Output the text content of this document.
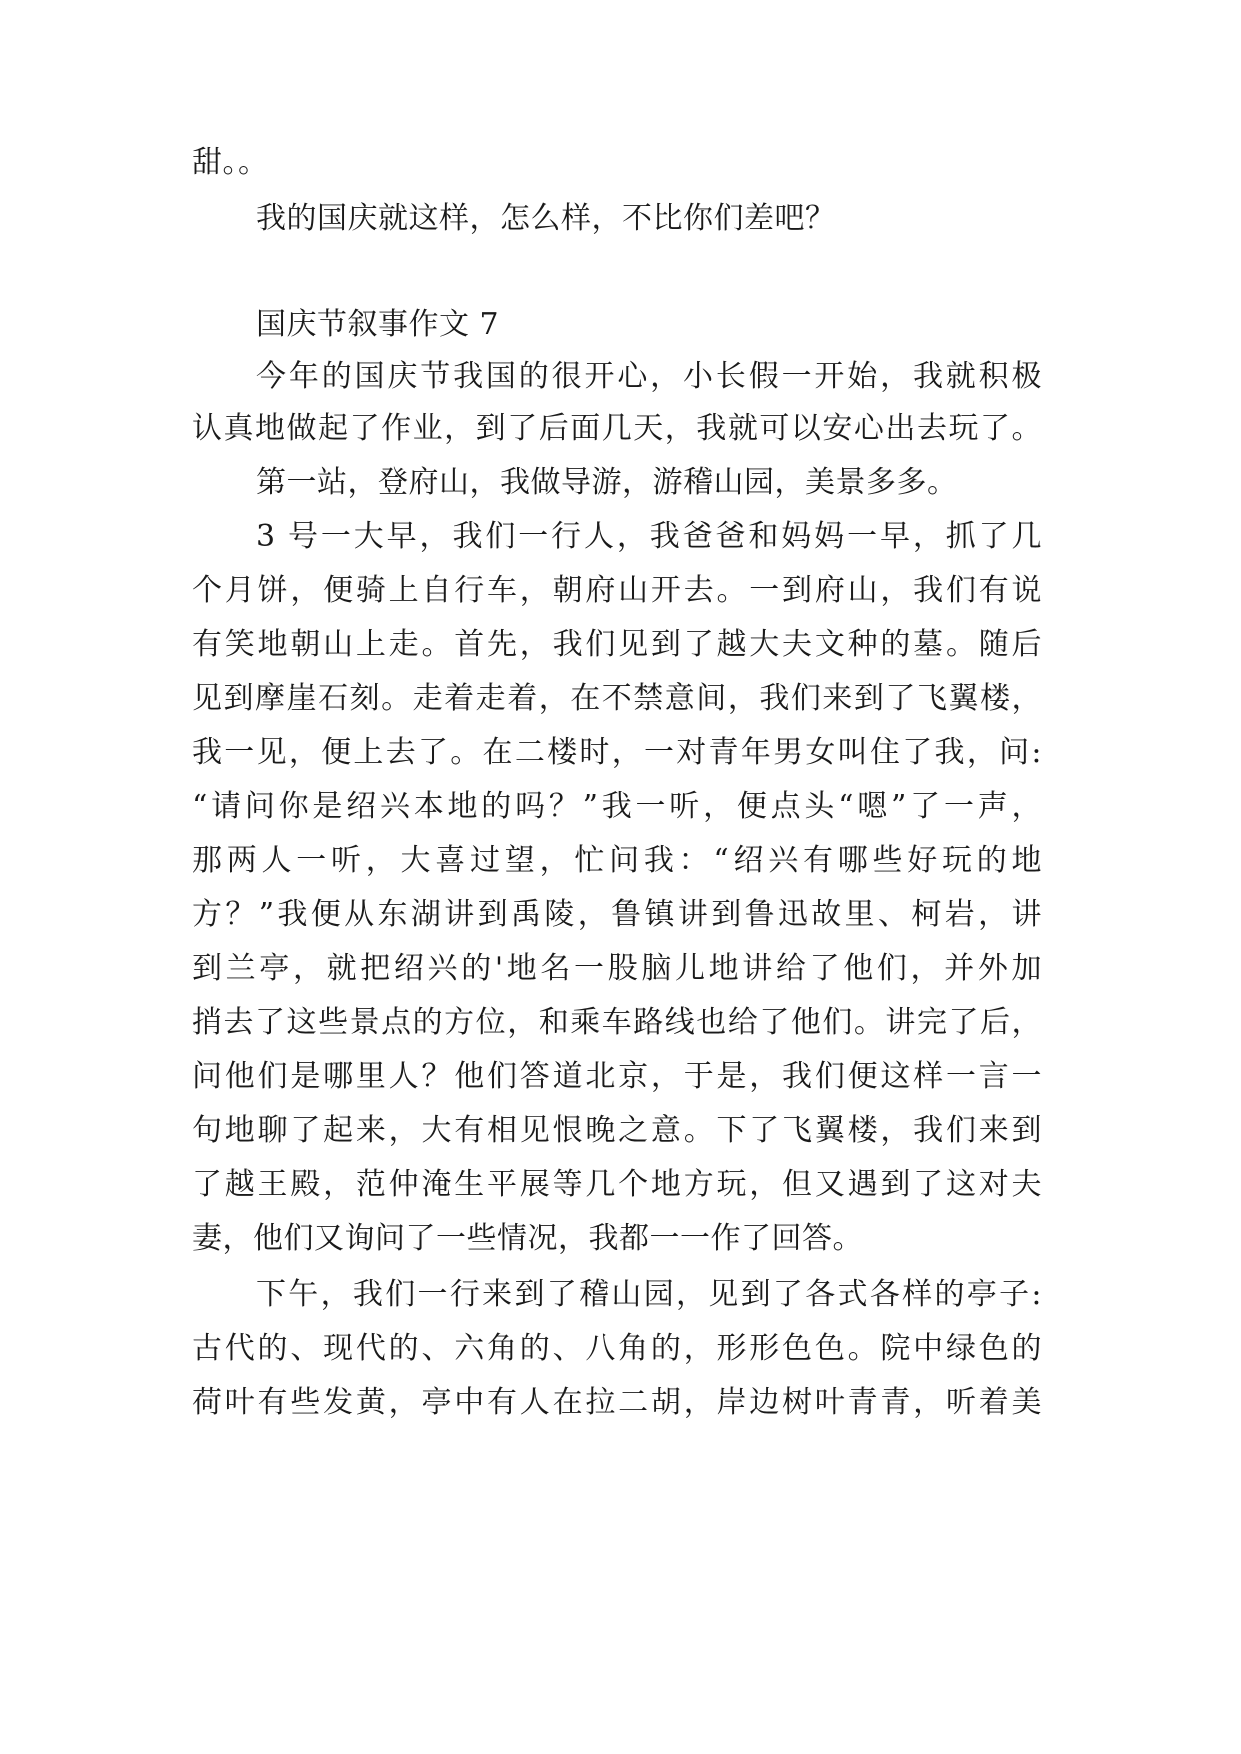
甜。。
我的国庆就这样，怎么样，不比你们差吧？
国庆节叙事作文 7
今年的国庆节我国的很开心，小长假一开始，我就积极
认真地做起了作业，到了后面几天，我就可以安心出去玩了。
第一站，登府山，我做导游，游稽山园，美景多多。
3 号一大早，我们一行人，我爸爸和妈妈一早，抓了几
个月饼，便骑上自行车，朝府山开去。一到府山，我们有说
有笑地朝山上走。首先，我们见到了越大夫文种的墓。随后
见到摩崖石刻。走着走着，在不禁意间，我们来到了飞翼楼，
我一见，便上去了。在二楼时，一对青年男女叫住了我，问:
“请问你是绍兴本地的吗？”我一听，便点头“嗯”了一声，
那两人一听，大喜过望，忙问我：“绍兴有哪些好玩的地
方？”我便从东湖讲到禹陵，鲁镇讲到鲁迅故里、柯岩，讲
到兰亭，就把绍兴的'地名一股脑儿地讲给了他们，并外加
捎去了这些景点的方位，和乘车路线也给了他们。讲完了后，
问他们是哪里人？他们答道北京，于是，我们便这样一言一
句地聊了起来，大有相见恨晚之意。下了飞翼楼，我们来到
了越王殿，范仲淹生平展等几个地方玩，但又遇到了这对夫
妻，他们又询问了一些情况，我都一一作了回答。
下午，我们一行来到了稽山园，见到了各式各样的亭子:
古代的、现代的、六角的、八角的，形形色色。院中绿色的
荷叶有些发黄，亭中有人在拉二胡，岸边树叶青青，听着美
